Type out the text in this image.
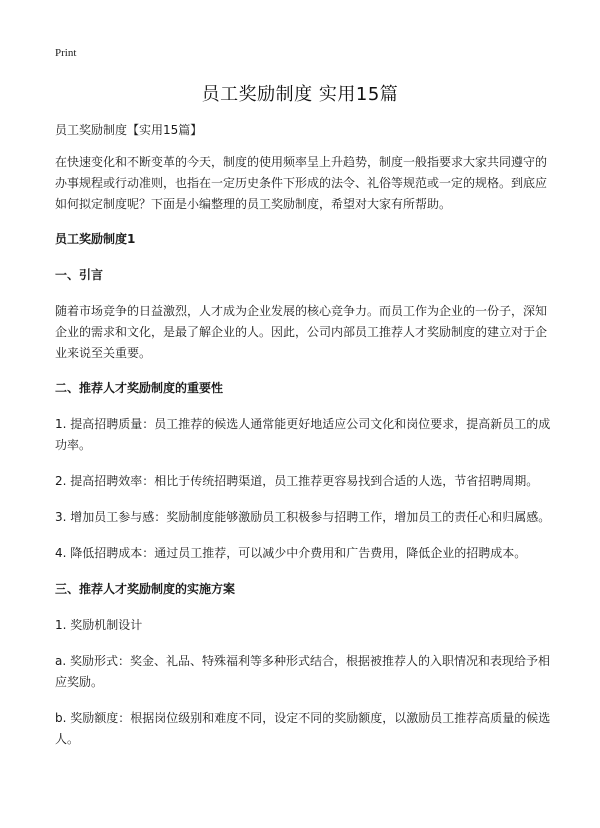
Print
员工奖励制度 实用15篇

员工奖励制度【实用15篇】

在快速变化和不断变革的今天，制度的使用频率呈上升趋势，制度一般指要求大家共同遵守的办事规程或行动准则，也指在一定历史条件下形成的法令、礼俗等规范或一定的规格。到底应如何拟定制度呢？下面是小编整理的员工奖励制度，希望对大家有所帮助。

员工奖励制度1

一、引言

随着市场竞争的日益激烈，人才成为企业发展的核心竞争力。而员工作为企业的一份子，深知企业的需求和文化，是最了解企业的人。因此，公司内部员工推荐人才奖励制度的建立对于企业来说至关重要。

二、推荐人才奖励制度的重要性

1. 提高招聘质量：员工推荐的候选人通常能更好地适应公司文化和岗位要求，提高新员工的成功率。

2. 提高招聘效率：相比于传统招聘渠道，员工推荐更容易找到合适的人选，节省招聘周期。

3. 增加员工参与感：奖励制度能够激励员工积极参与招聘工作，增加员工的责任心和归属感。

4. 降低招聘成本：通过员工推荐，可以减少中介费用和广告费用，降低企业的招聘成本。

三、推荐人才奖励制度的实施方案

1. 奖励机制设计

a. 奖励形式：奖金、礼品、特殊福利等多种形式结合，根据被推荐人的入职情况和表现给予相应奖励。

b. 奖励额度：根据岗位级别和难度不同，设定不同的奖励额度，以激励员工推荐高质量的候选人。
